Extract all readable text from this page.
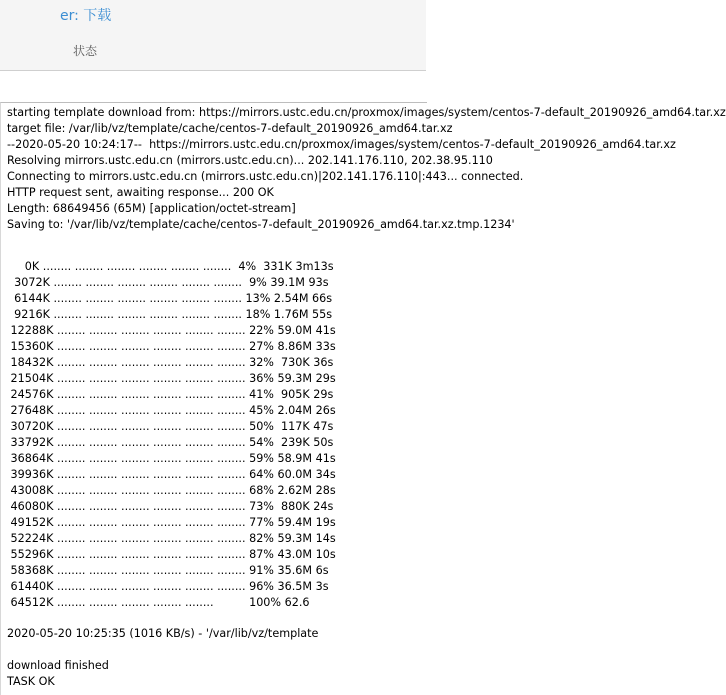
er: 下载
状态
starting template download from: https://mirrors.ustc.edu.cn/proxmox/images/system/centos-7-default_20190926_amd64.tar.xz
target file: /var/lib/vz/template/cache/centos-7-default_20190926_amd64.tar.xz
--2020-05-20 10:24:17--  https://mirrors.ustc.edu.cn/proxmox/images/system/centos-7-default_20190926_amd64.tar.xz
Resolving mirrors.ustc.edu.cn (mirrors.ustc.edu.cn)... 202.141.176.110, 202.38.95.110
Connecting to mirrors.ustc.edu.cn (mirrors.ustc.edu.cn)|202.141.176.110|:443... connected.
HTTP request sent, awaiting response... 200 OK
Length: 68649456 (65M) [application/octet-stream]
Saving to: '/var/lib/vz/template/cache/centos-7-default_20190926_amd64.tar.xz.tmp.1234'
0K ........ ........ ........ ........ ........ ........  4%  331K 3m13s
3072K ........ ........ ........ ........ ........ ........  9% 39.1M 93s
6144K ........ ........ ........ ........ ........ ........ 13% 2.54M 66s
9216K ........ ........ ........ ........ ........ ........ 18% 1.76M 55s
12288K ........ ........ ........ ........ ........ ........ 22% 59.0M 41s
15360K ........ ........ ........ ........ ........ ........ 27% 8.86M 33s
18432K ........ ........ ........ ........ ........ ........ 32%  730K 36s
21504K ........ ........ ........ ........ ........ ........ 36% 59.3M 29s
24576K ........ ........ ........ ........ ........ ........ 41%  905K 29s
27648K ........ ........ ........ ........ ........ ........ 45% 2.04M 26s
30720K ........ ........ ........ ........ ........ ........ 50%  117K 47s
33792K ........ ........ ........ ........ ........ ........ 54%  239K 50s
36864K ........ ........ ........ ........ ........ ........ 59% 58.9M 41s
39936K ........ ........ ........ ........ ........ ........ 64% 60.0M 34s
43008K ........ ........ ........ ........ ........ ........ 68% 2.62M 28s
46080K ........ ........ ........ ........ ........ ........ 73%  880K 24s
49152K ........ ........ ........ ........ ........ ........ 77% 59.4M 19s
52224K ........ ........ ........ ........ ........ ........ 82% 59.3M 14s
55296K ........ ........ ........ ........ ........ ........ 87% 43.0M 10s
58368K ........ ........ ........ ........ ........ ........ 91% 35.6M 6s
61440K ........ ........ ........ ........ ........ ........ 96% 36.5M 3s
64512K ........ ........ ........ ........ ........          100% 62.6
2020-05-20 10:25:35 (1016 KB/s) - '/var/lib/vz/template
download finished
TASK OK
